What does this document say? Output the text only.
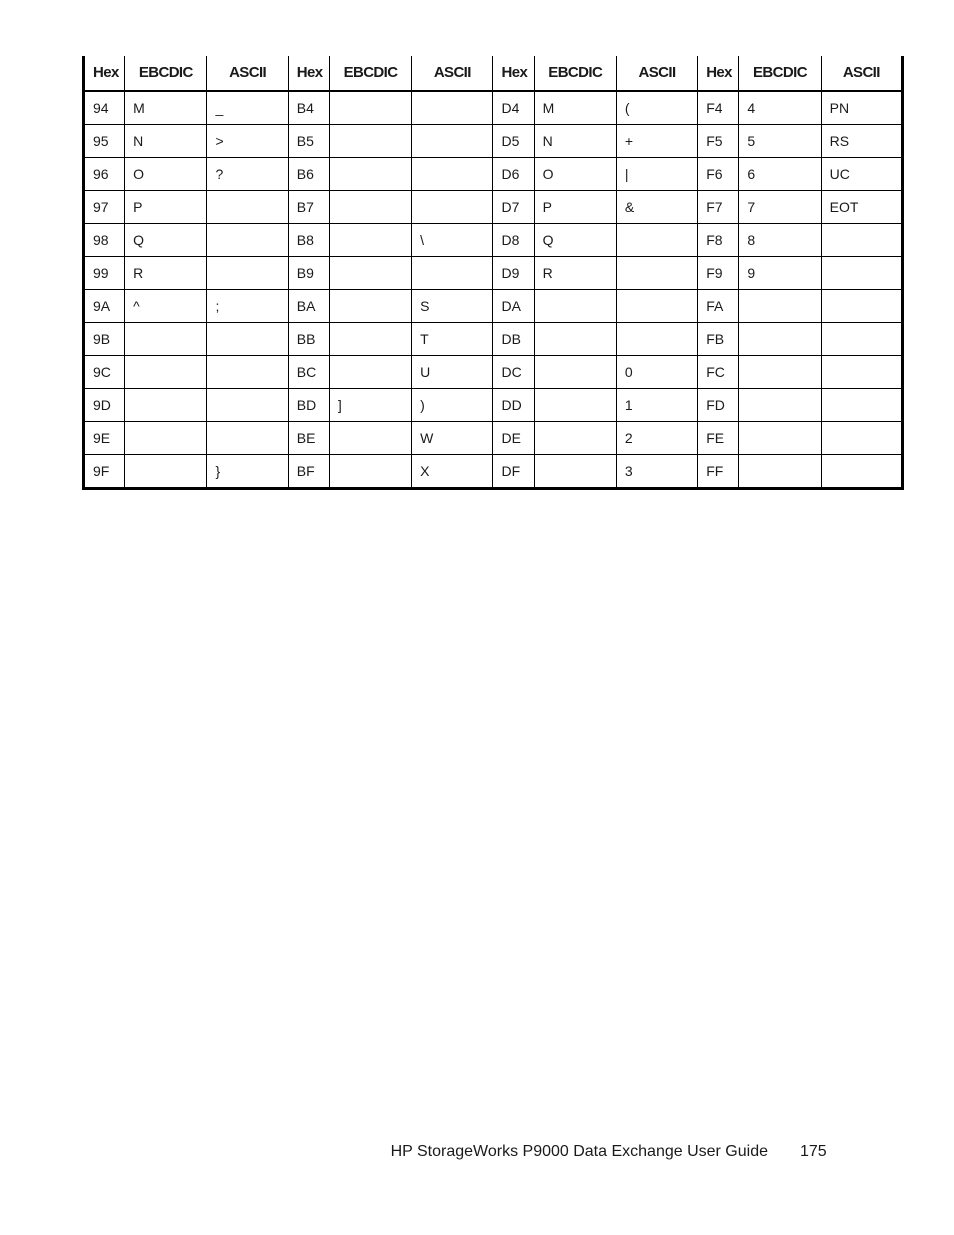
Hex	EBCDIC	ASCII	Hex	EBCDIC	ASCII	Hex	EBCDIC	ASCII	Hex	EBCDIC	ASCII
94	M	_	B4			D4	M	(	F4	4	PN
95	N	>	B5			D5	N	+	F5	5	RS
96	O	?	B6			D6	O	|	F6	6	UC
97	P		B7			D7	P	&	F7	7	EOT
98	Q		B8		\	D8	Q		F8	8	
99	R		B9			D9	R		F9	9	
9A	^	;	BA		S	DA			FA		
9B			BB		T	DB			FB		
9C			BC		U	DC		0	FC		
9D			BD	]	)	DD		1	FD		
9E			BE		W	DE		2	FE		
9F		}	BF		X	DF		3	FF		
HP StorageWorks P9000 Data Exchange User Guide 175
